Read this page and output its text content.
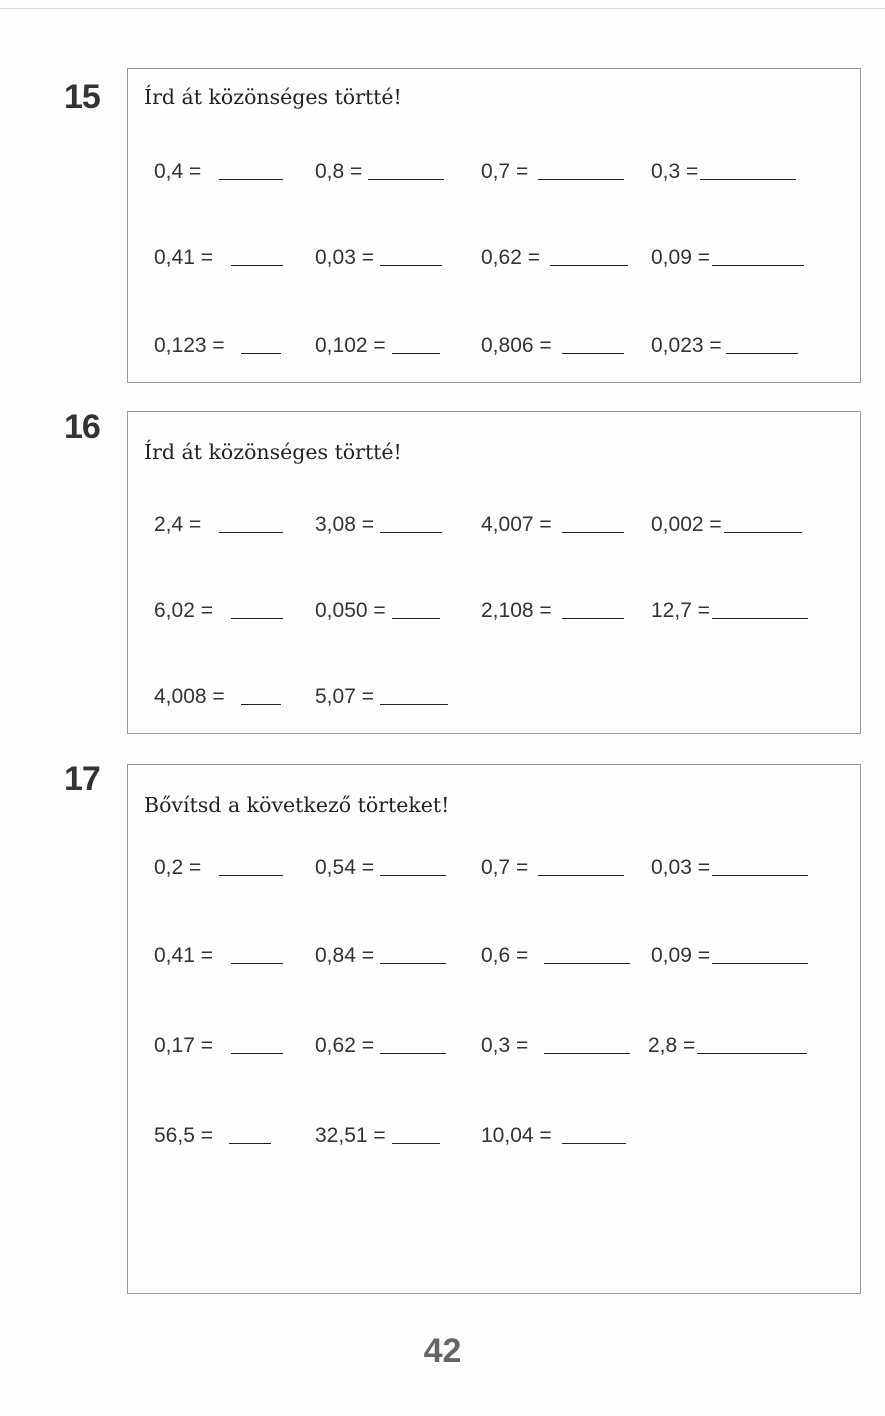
15 Írd át közönséges törtté!
0,4 =	0,8 =	0,7 =	0,3 =
0,41 =	0,03 =	0,62 =	0,09 =
0,123 =	0,102 =	0,806 =	0,023 =
16
Írd át közönséges törtté!
2,4 =	3,08 =	4,007 =	0,002 =
6,02 =	0,050 =	2,108 =	12,7 =
4,008 =	5,07 =
17
Bővítsd a következő törteket!
0,2 =	0,54 =	0,7 =	0,03 =
0,41 =	0,84 =	0,6 =	0,09 =
0,17 =	0,62 =	0,3 =	2,8 =
56,5 =	32,51 =	10,04 =
42
